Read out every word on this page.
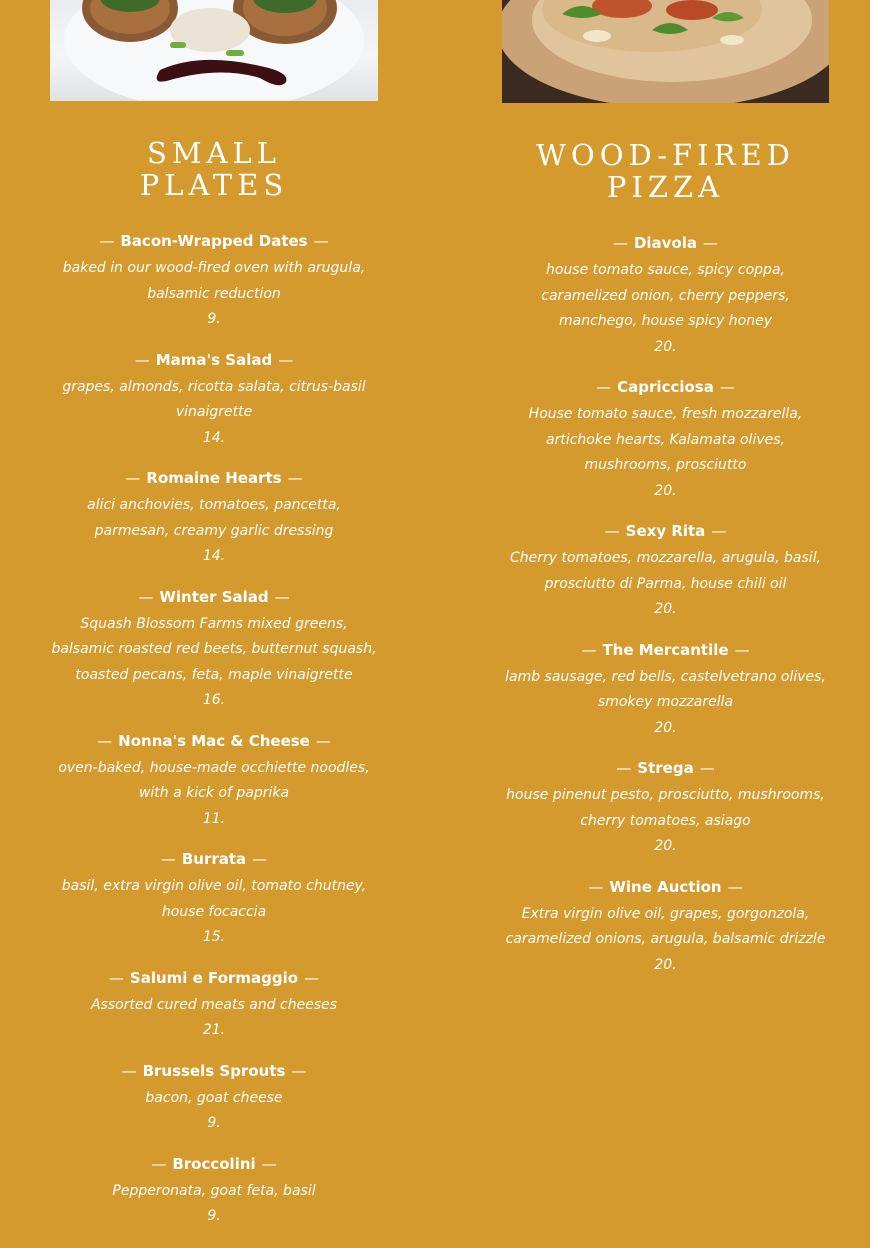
SMALL
PLATES
— Bacon-Wrapped Dates —
baked in our wood-fired oven with arugula, balsamic reduction
9.
— Mama's Salad —
grapes, almonds, ricotta salata, citrus-basil vinaigrette
14.
— Romaine Hearts —
alici anchovies, tomatoes, pancetta, parmesan, creamy garlic dressing
14.
— Winter Salad —
Squash Blossom Farms mixed greens, balsamic roasted red beets, butternut squash, toasted pecans, feta, maple vinaigrette
16.
— Nonna's Mac & Cheese —
oven-baked, house-made occhiette noodles, with a kick of paprika
11.
— Burrata —
basil, extra virgin olive oil, tomato chutney, house focaccia
15.
— Salumi e Formaggio —
Assorted cured meats and cheeses
21.
— Brussels Sprouts —
bacon, goat cheese
9.
— Broccolini —
Pepperonata, goat feta, basil
9.
WOOD-FIRED
PIZZA
— Diavola —
house tomato sauce, spicy coppa, caramelized onion, cherry peppers, manchego, house spicy honey
20.
— Capricciosa —
House tomato sauce, fresh mozzarella, artichoke hearts, Kalamata olives, mushrooms, prosciutto
20.
— Sexy Rita —
Cherry tomatoes, mozzarella, arugula, basil, prosciutto di Parma, house chili oil
20.
— The Mercantile —
lamb sausage, red bells, castelvetrano olives, smokey mozzarella
20.
— Strega —
house pinenut pesto, prosciutto, mushrooms, cherry tomatoes, asiago
20.
— Wine Auction —
Extra virgin olive oil, grapes, gorgonzola, caramelized onions, arugula, balsamic drizzle
20.
